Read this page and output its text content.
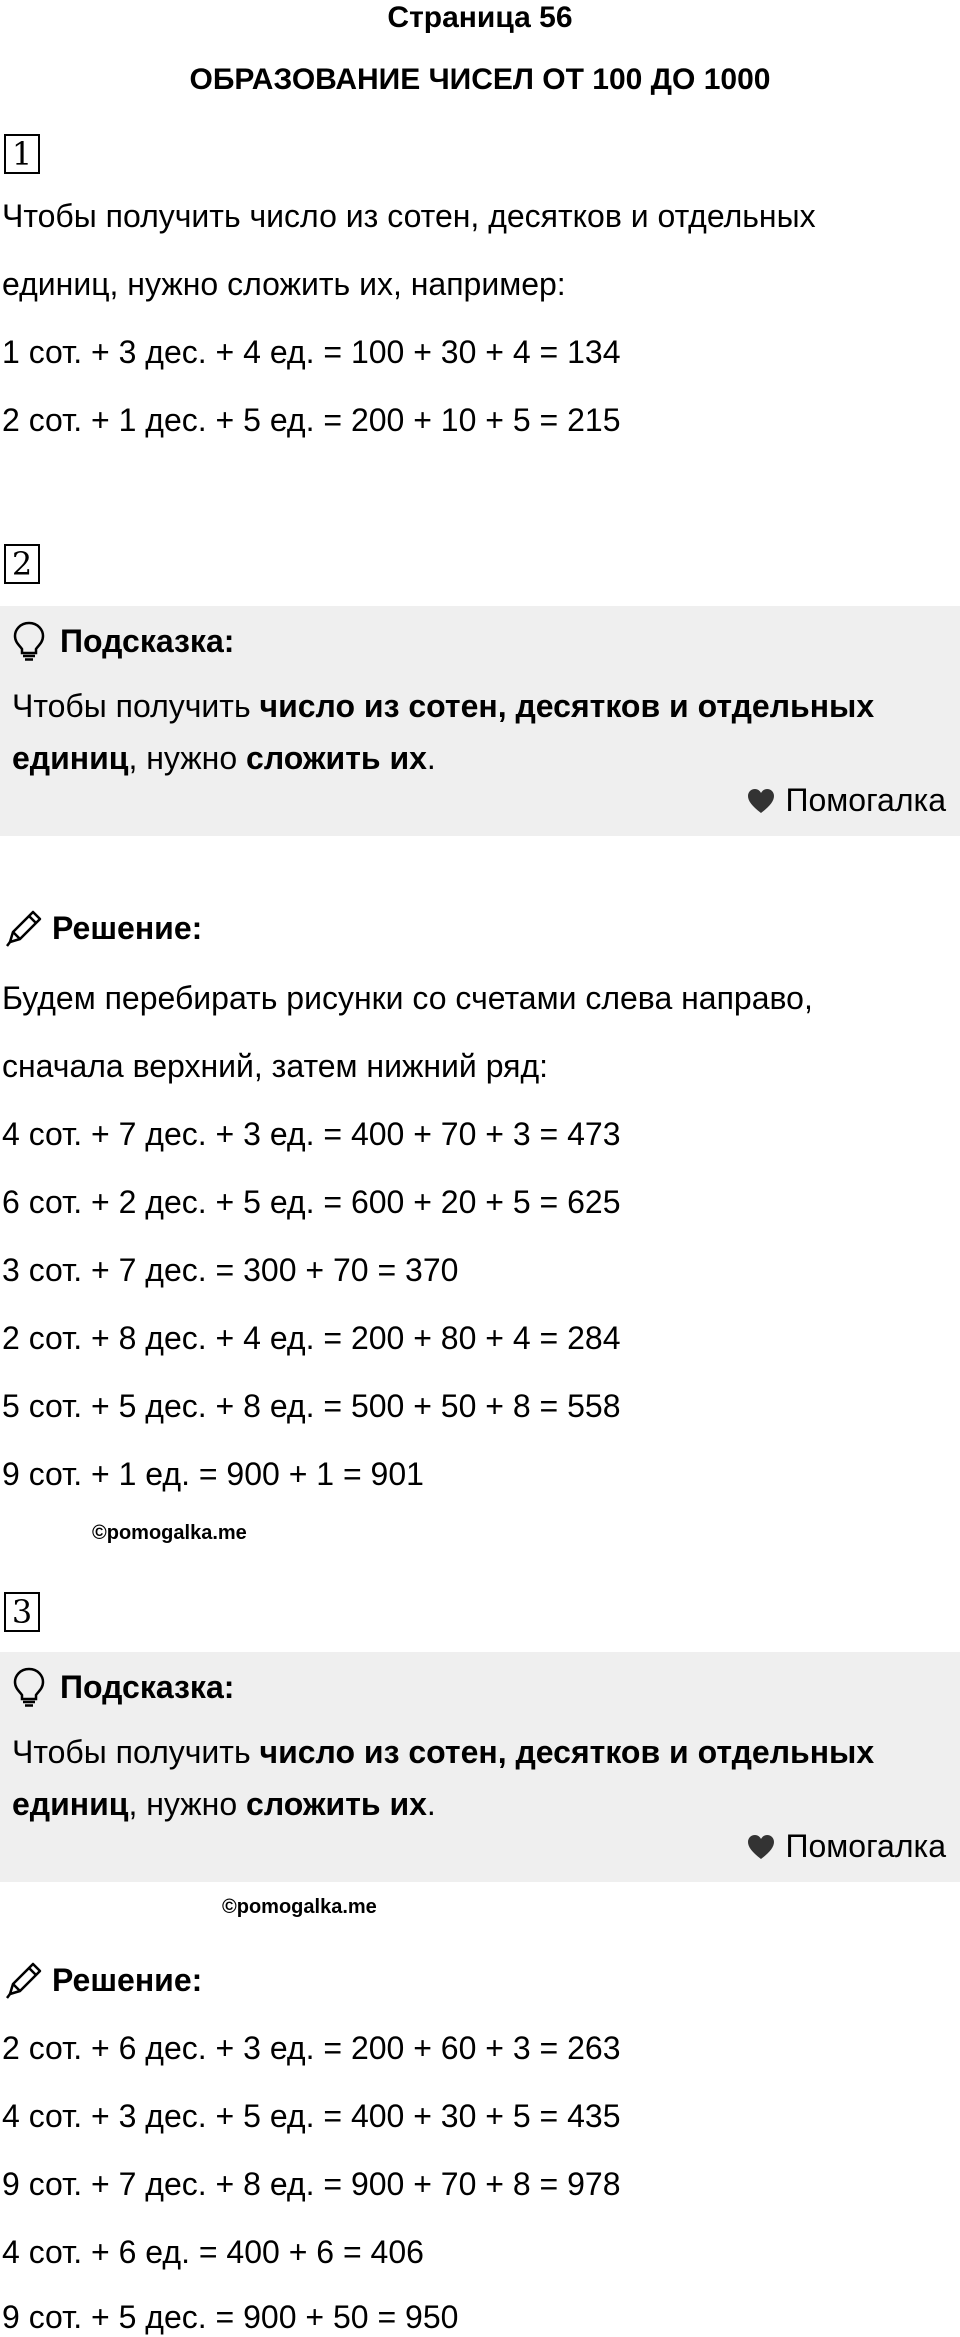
Страница 56
ОБРАЗОВАНИЕ ЧИСЕЛ ОТ 100 ДО 1000
1
Чтобы получить число из сотен, десятков и отдельных
единиц, нужно сложить их, например:
1 сот. + 3 дес. + 4 ед. = 100 + 30 + 4 = 134
2 сот. + 1 дес. + 5 ед. = 200 + 10 + 5 = 215
2
Подсказка:
Чтобы получить число из сотен, десятков и отдельных единиц, нужно сложить их.
Помогалка
Решение:
Будем перебирать рисунки со счетами слева направо,
сначала верхний, затем нижний ряд:
4 сот. + 7 дес. + 3 ед. = 400 + 70 + 3 = 473
6 сот. + 2 дес. + 5 ед. = 600 + 20 + 5 = 625
3 сот. + 7 дес. = 300 + 70 = 370
2 сот. + 8 дес. + 4 ед. = 200 + 80 + 4 = 284
5 сот. + 5 дес. + 8 ед. = 500 + 50 + 8 = 558
9 сот. + 1 ед. = 900 + 1 = 901
©pomogalka.me
3
Подсказка:
Чтобы получить число из сотен, десятков и отдельных единиц, нужно сложить их.
Помогалка
©pomogalka.me
Решение:
2 сот. + 6 дес. + 3 ед. = 200 + 60 + 3 = 263
4 сот. + 3 дес. + 5 ед. = 400 + 30 + 5 = 435
9 сот. + 7 дес. + 8 ед. = 900 + 70 + 8 = 978
4 сот. + 6 ед. = 400 + 6 = 406
9 сот. + 5 дес. = 900 + 50 = 950
